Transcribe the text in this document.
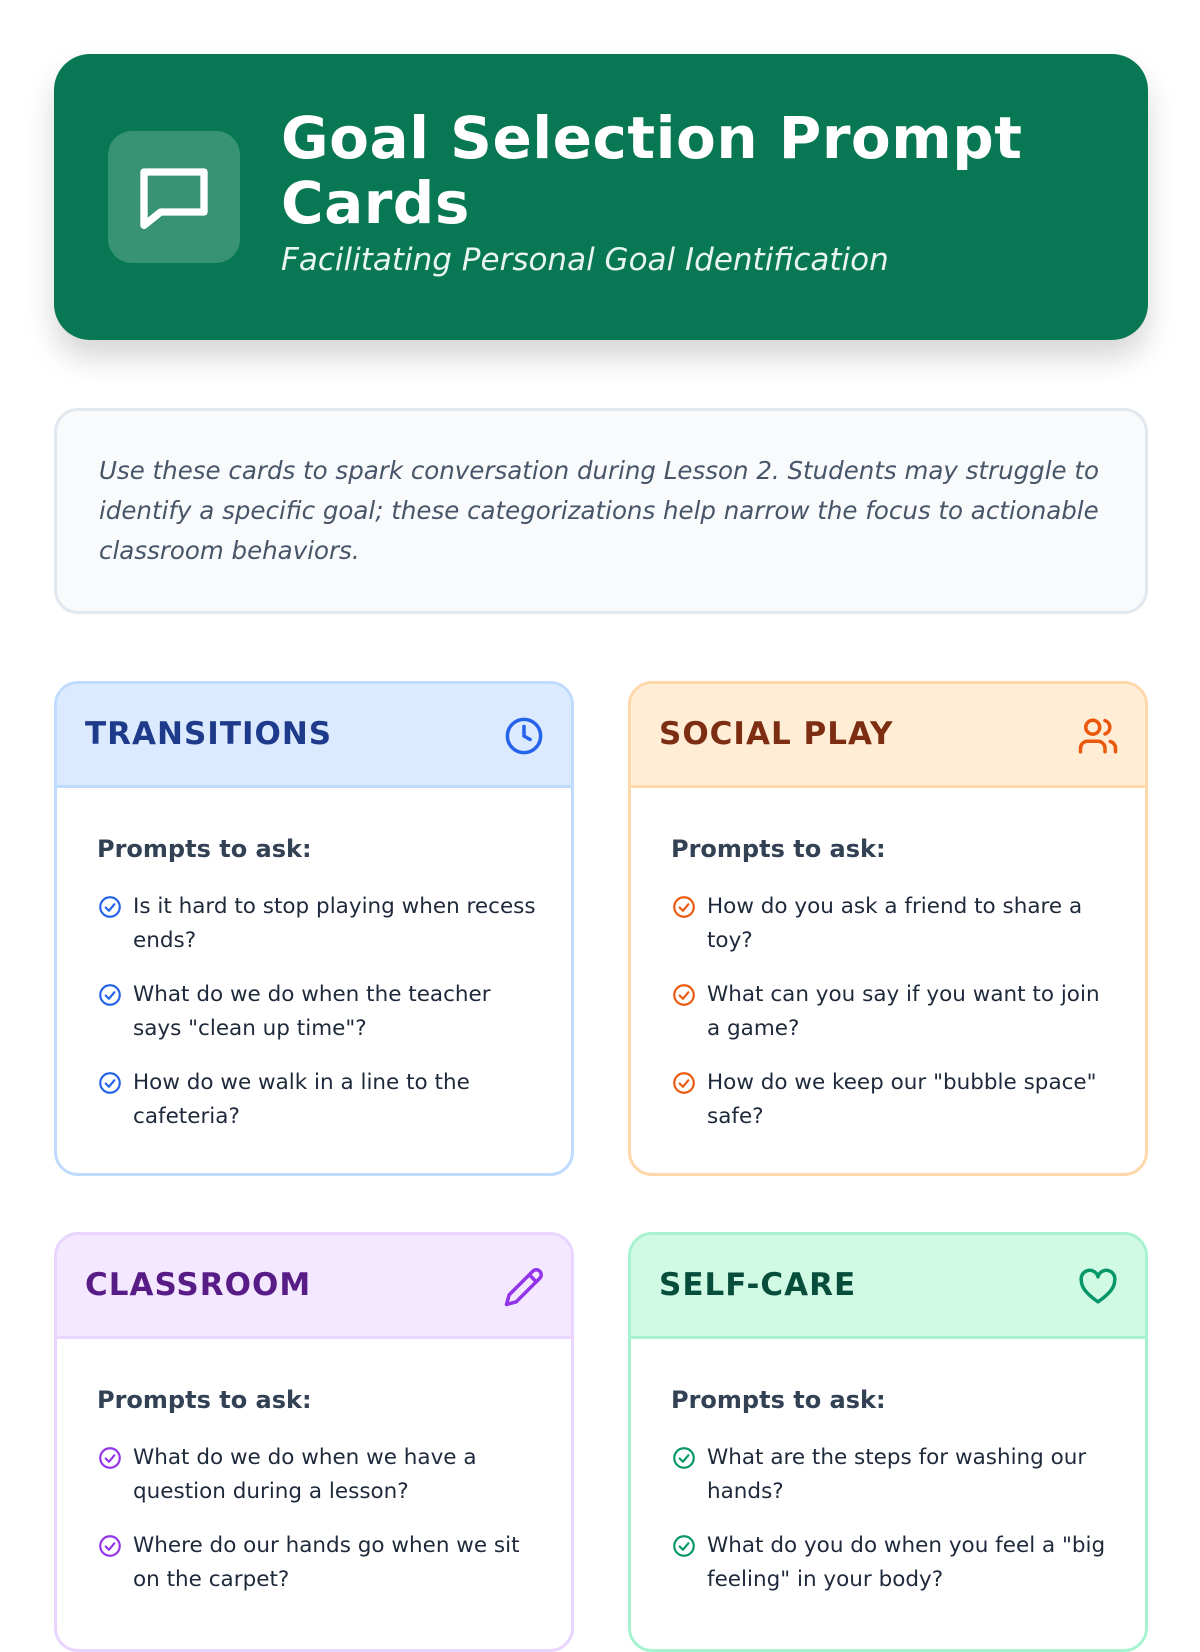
Goal Selection Prompt Cards
Facilitating Personal Goal Identification
Use these cards to spark conversation during Lesson 2. Students may struggle to identify a specific goal; these categorizations help narrow the focus to actionable classroom behaviors.
TRANSITIONS
Prompts to ask:
Is it hard to stop playing when recess ends?
What do we do when the teacher says "clean up time"?
How do we walk in a line to the cafeteria?
SOCIAL PLAY
Prompts to ask:
How do you ask a friend to share a toy?
What can you say if you want to join a game?
How do we keep our "bubble space" safe?
CLASSROOM
Prompts to ask:
What do we do when we have a question during a lesson?
Where do our hands go when we sit on the carpet?
SELF-CARE
Prompts to ask:
What are the steps for washing our hands?
What do you do when you feel a "big feeling" in your body?
